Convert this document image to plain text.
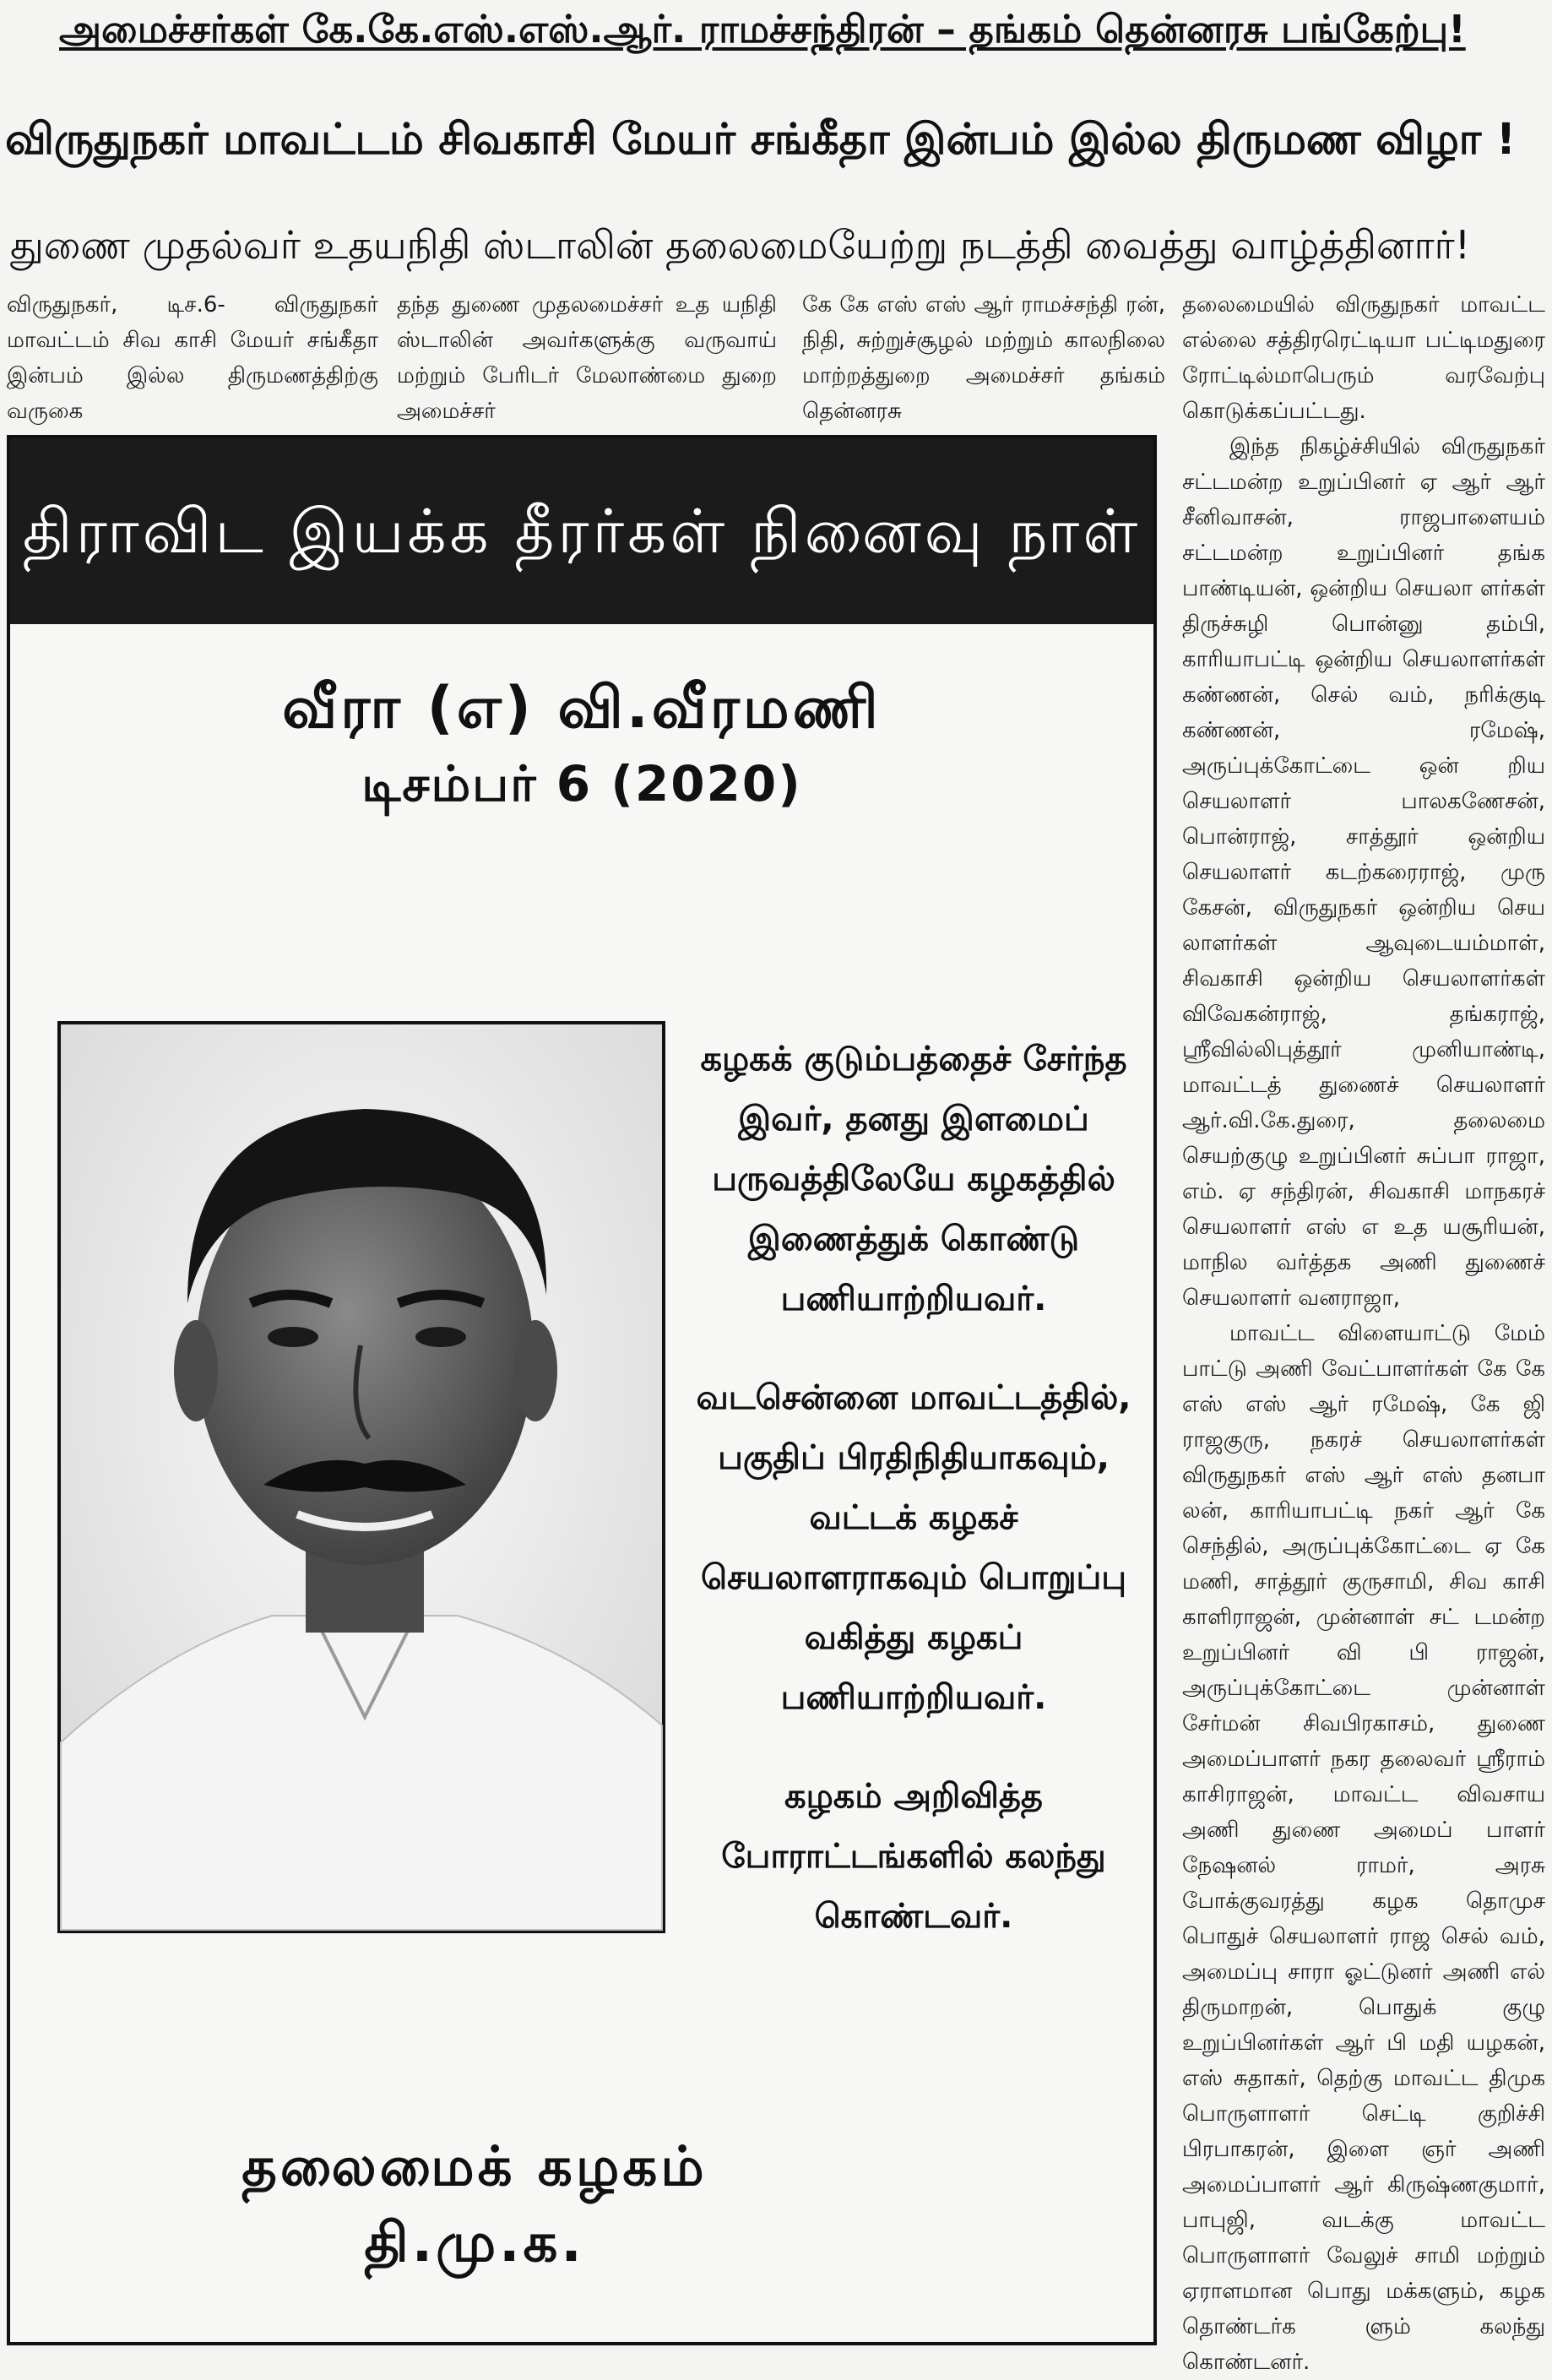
அமைச்சர்கள் கே.கே.எஸ்.எஸ்.ஆர். ராமச்சந்திரன் – தங்கம் தென்னரசு பங்கேற்பு!
விருதுநகர் மாவட்டம் சிவகாசி மேயர் சங்கீதா இன்பம் இல்ல திருமண விழா !
துணை முதல்வர் உதயநிதி ஸ்டாலின் தலைமையேற்று நடத்தி வைத்து வாழ்த்தினார்!

விருதுநகர், டிச.6- விருதுநகர் மாவட்டம் சிவ காசி மேயர் சங்கீதா இன்பம் இல்ல திருமணத்திற்கு வருகை

தந்த துணை முதலமைச்சர் உத யநிதி ஸ்டாலின் அவர்களுக்கு வருவாய் மற்றும் பேரிடர் மேலாண்மை துறை அமைச்சர்

கே கே எஸ் எஸ் ஆர் ராமச்சந்தி ரன், நிதி, சுற்றுச்சூழல் மற்றும் காலநிலை மாற்றத்துறை அமைச்சர் தங்கம் தென்னரசு

தலைமையில் விருதுநகர் மாவட்ட எல்லை சத்திரரெட்டியா பட்டிமதுரை ரோட்டில்மாபெரும் வரவேற்பு கொடுக்கப்பட்டது.

இந்த நிகழ்ச்சியில் விருதுநகர் சட்டமன்ற உறுப்பினர் ஏ ஆர் ஆர் சீனிவாசன், ராஜபாளையம் சட்டமன்ற உறுப்பினர் தங்க பாண்டியன், ஒன்றிய செயலா ளர்கள் திருச்சுழி பொன்னு தம்பி, காரியாபட்டி ஒன்றிய செயலாளர்கள் கண்ணன், செல் வம், நரிக்குடி கண்ணன், ரமேஷ், அருப்புக்கோட்டை ஒன் றிய செயலாளர் பாலகணேசன், பொன்ராஜ், சாத்தூர் ஒன்றிய செயலாளர் கடற்கரைராஜ், முரு கேசன், விருதுநகர் ஒன்றிய செய லாளர்கள் ஆவுடையம்மாள், சிவகாசி ஒன்றிய செயலாளர்கள் விவேகன்ராஜ், தங்கராஜ், ஸ்ரீவில்லிபுத்தூர் முனியாண்டி, மாவட்டத் துணைச் செயலாளர் ஆர்.வி.கே.துரை, தலைமை செயற்குழு உறுப்பினர் சுப்பா ராஜா, எம். ஏ சந்திரன், சிவகாசி மாநகரச் செயலாளர் எஸ் எ உத யசூரியன், மாநில வர்த்தக அணி துணைச் செயலாளர் வனராஜா,

மாவட்ட விளையாட்டு மேம் பாட்டு அணி வேட்பாளர்கள் கே கே எஸ் எஸ் ஆர் ரமேஷ், கே ஜி ராஜகுரு, நகரச் செயலாளர்கள் விருதுநகர் எஸ் ஆர் எஸ் தனபா லன், காரியாபட்டி நகர் ஆர் கே செந்தில், அருப்புக்கோட்டை ஏ கே மணி, சாத்தூர் குருசாமி, சிவ காசி காளிராஜன், முன்னாள் சட் டமன்ற உறுப்பினர் வி பி ராஜன், அருப்புக்கோட்டை முன்னாள் சேர்மன் சிவபிரகாசம், துணை அமைப்பாளர் நகர தலைவர் ஸ்ரீராம் காசிராஜன், மாவட்ட விவசாய அணி துணை அமைப் பாளர் நேஷனல் ராமர், அரசு போக்குவரத்து கழக தொமுச பொதுச் செயலாளர் ராஜ செல் வம், அமைப்பு சாரா ஓட்டுனர் அணி எல் திருமாறன், பொதுக் குழு உறுப்பினர்கள் ஆர் பி மதி யழகன், எஸ் சுதாகர், தெற்கு மாவட்ட திமுக பொருளாளர் செட்டி குறிச்சி பிரபாகரன், இளை ஞர் அணி அமைப்பாளர் ஆர் கிருஷ்ணகுமார், பாபுஜி, வடக்கு மாவட்ட பொருளாளர் வேலுச் சாமி மற்றும் ஏராளமான பொது மக்களும், கழக தொண்டர்க ளும் கலந்து கொண்டனர்.

திராவிட இயக்க தீரர்கள் நினைவு நாள்
வீரா (எ) வி.வீரமணி
டிசம்பர் 6 (2020)

கழகக் குடும்பத்தைச் சேர்ந்த இவர், தனது இளமைப் பருவத்திலேயே கழகத்தில் இணைத்துக் கொண்டு பணியாற்றியவர்.

வடசென்னை மாவட்டத்தில், பகுதிப் பிரதிநிதியாகவும், வட்டக் கழகச் செயலாளராகவும் பொறுப்பு வகித்து கழகப் பணியாற்றியவர்.

கழகம் அறிவித்த போராட்டங்களில் கலந்து கொண்டவர்.

தலைமைக் கழகம்
தி.மு.க.
